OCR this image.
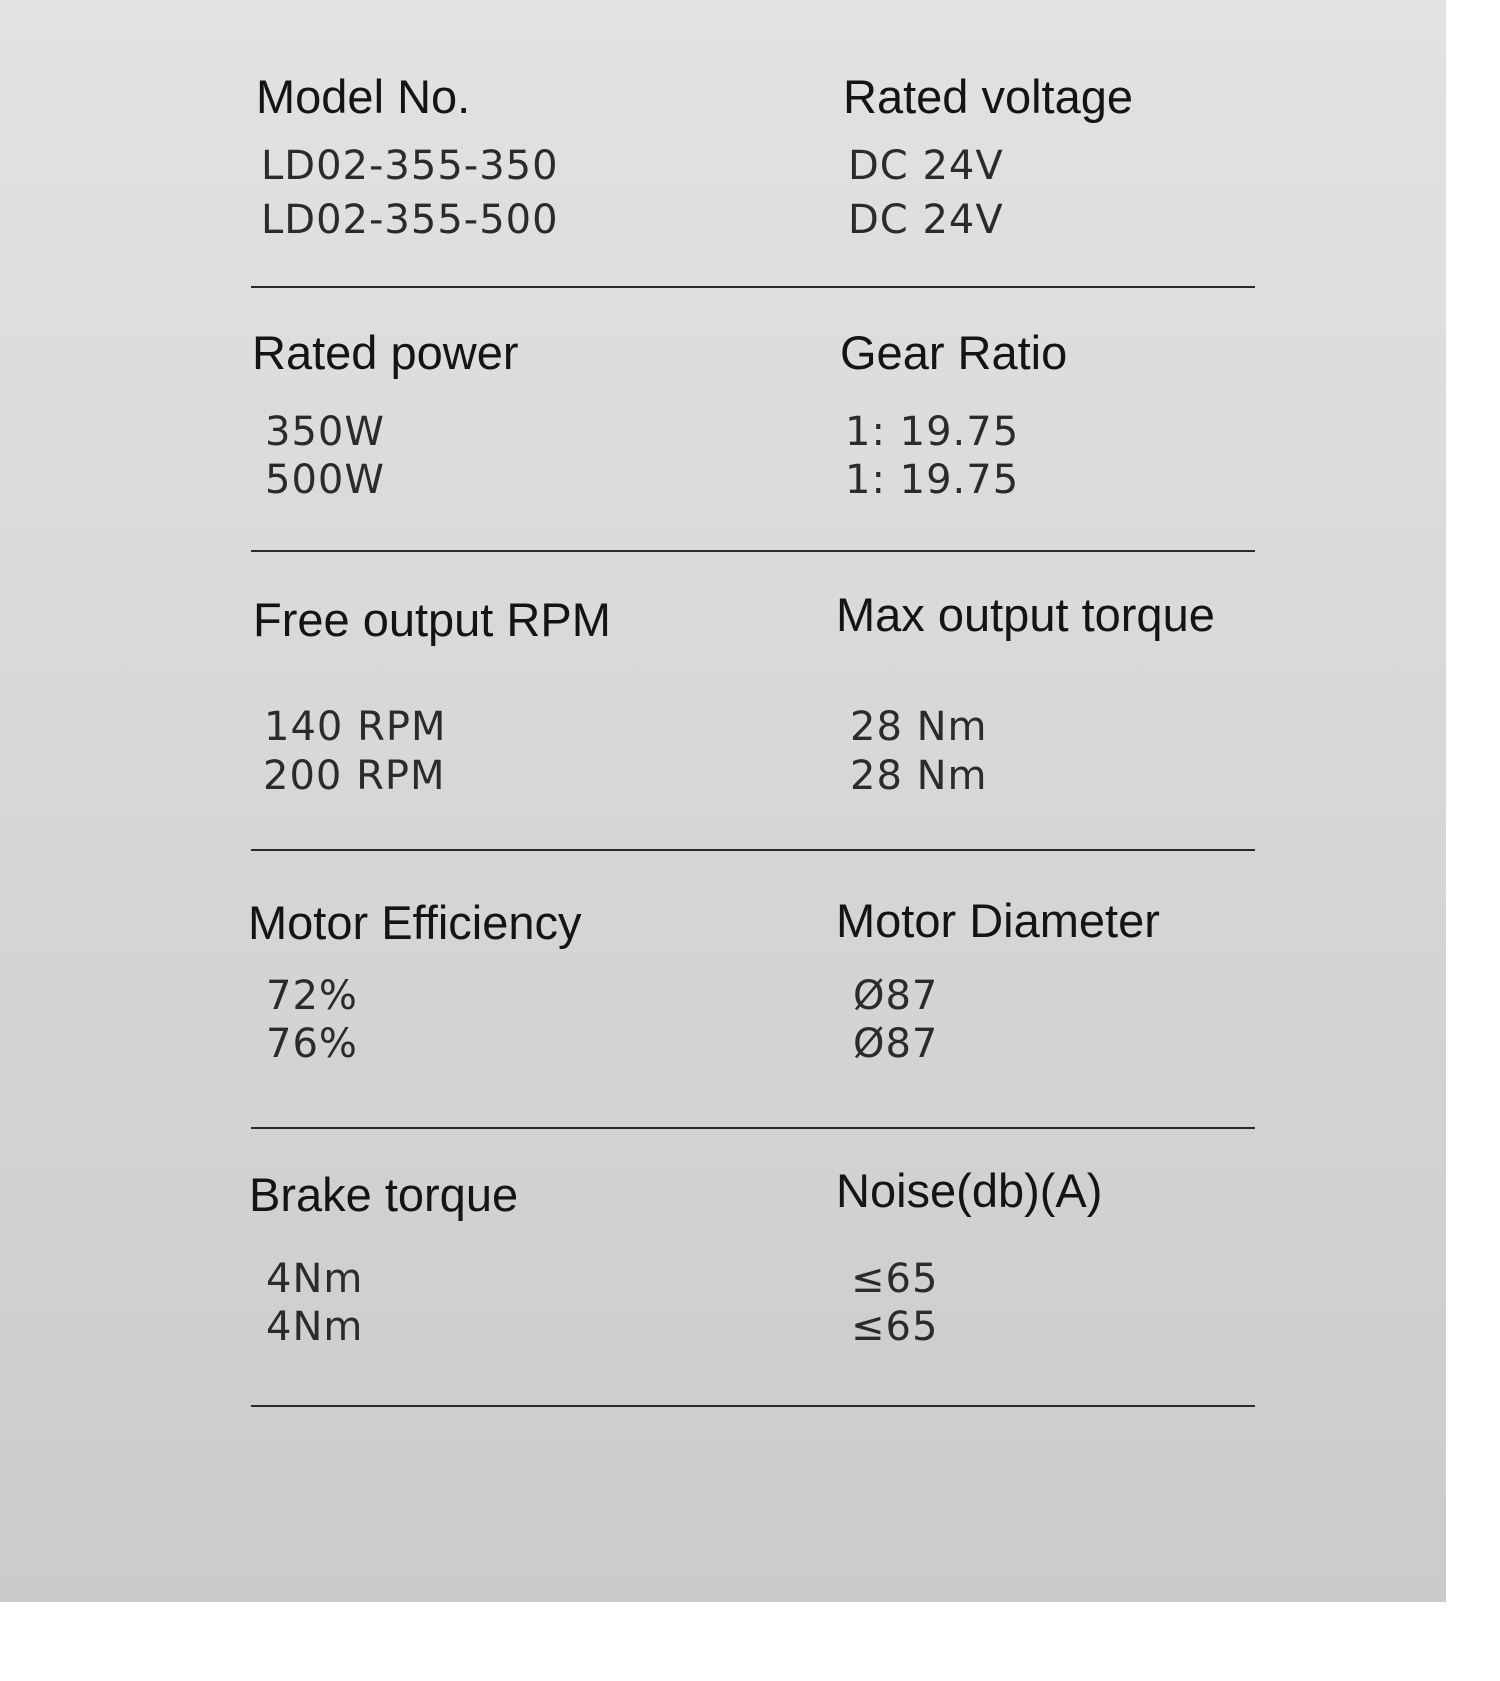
Model No.
LD02-355-350
LD02-355-500
Rated voltage
DC 24V
DC 24V
Rated power
350W
500W
Gear Ratio
1: 19.75
1: 19.75
Free output RPM
140 RPM
200 RPM
Max output torque
28 Nm
28 Nm
Motor Efficiency
72%
76%
Motor Diameter
Ø87
Ø87
Brake torque
4Nm
4Nm
Noise(db)(A)
≤65
≤65
